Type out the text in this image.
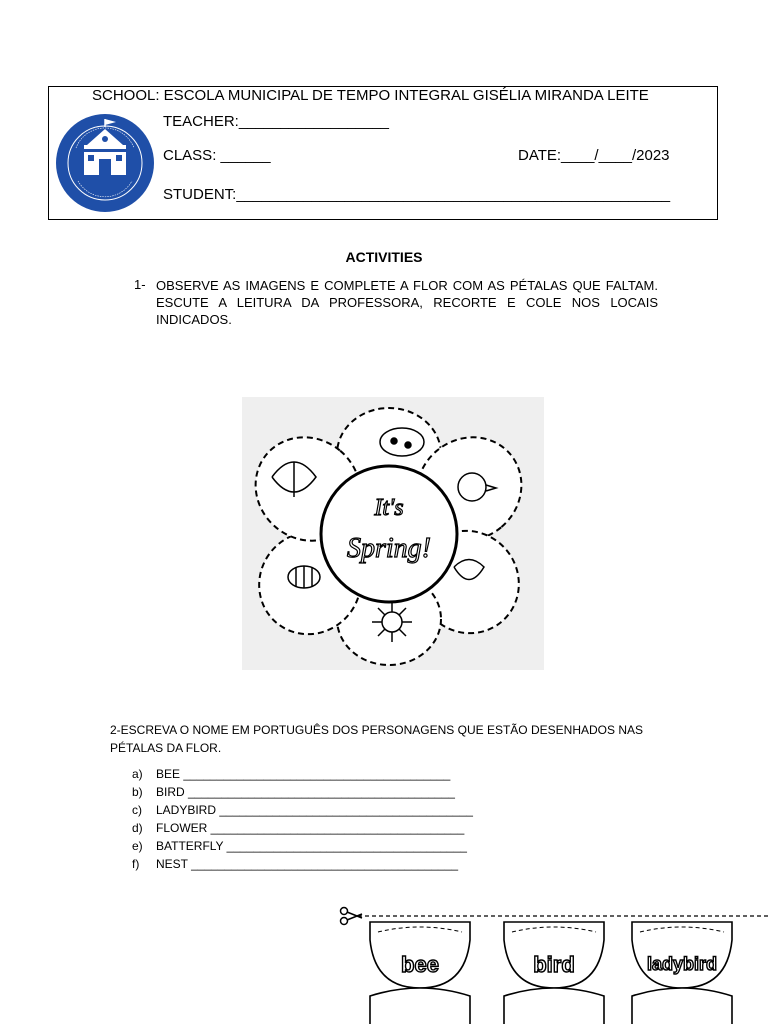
SCHOOL: ESCOLA MUNICIPAL DE TEMPO INTEGRAL GISÉLIA MIRANDA LEITE
TEACHER:__________________
CLASS: ______	DATE:____/____/2023
STUDENT:____________________________________________________
ACTIVITIES
1- OBSERVE AS IMAGENS E COMPLETE A FLOR COM AS PÉTALAS QUE FALTAM. ESCUTE A LEITURA DA PROFESSORA, RECORTE E COLE NOS LOCAIS INDICADOS.
It's
Spring!
2-ESCREVA O NOME EM PORTUGUÊS DOS PERSONAGENS QUE ESTÃO DESENHADOS NAS PÉTALAS DA FLOR.
a)	BEE ________________________________________
b)	BIRD ________________________________________
c)	LADYBIRD ______________________________________
d)	FLOWER ______________________________________
e)	BATTERFLY ____________________________________
f)	NEST ________________________________________
bee	bird	ladybird
